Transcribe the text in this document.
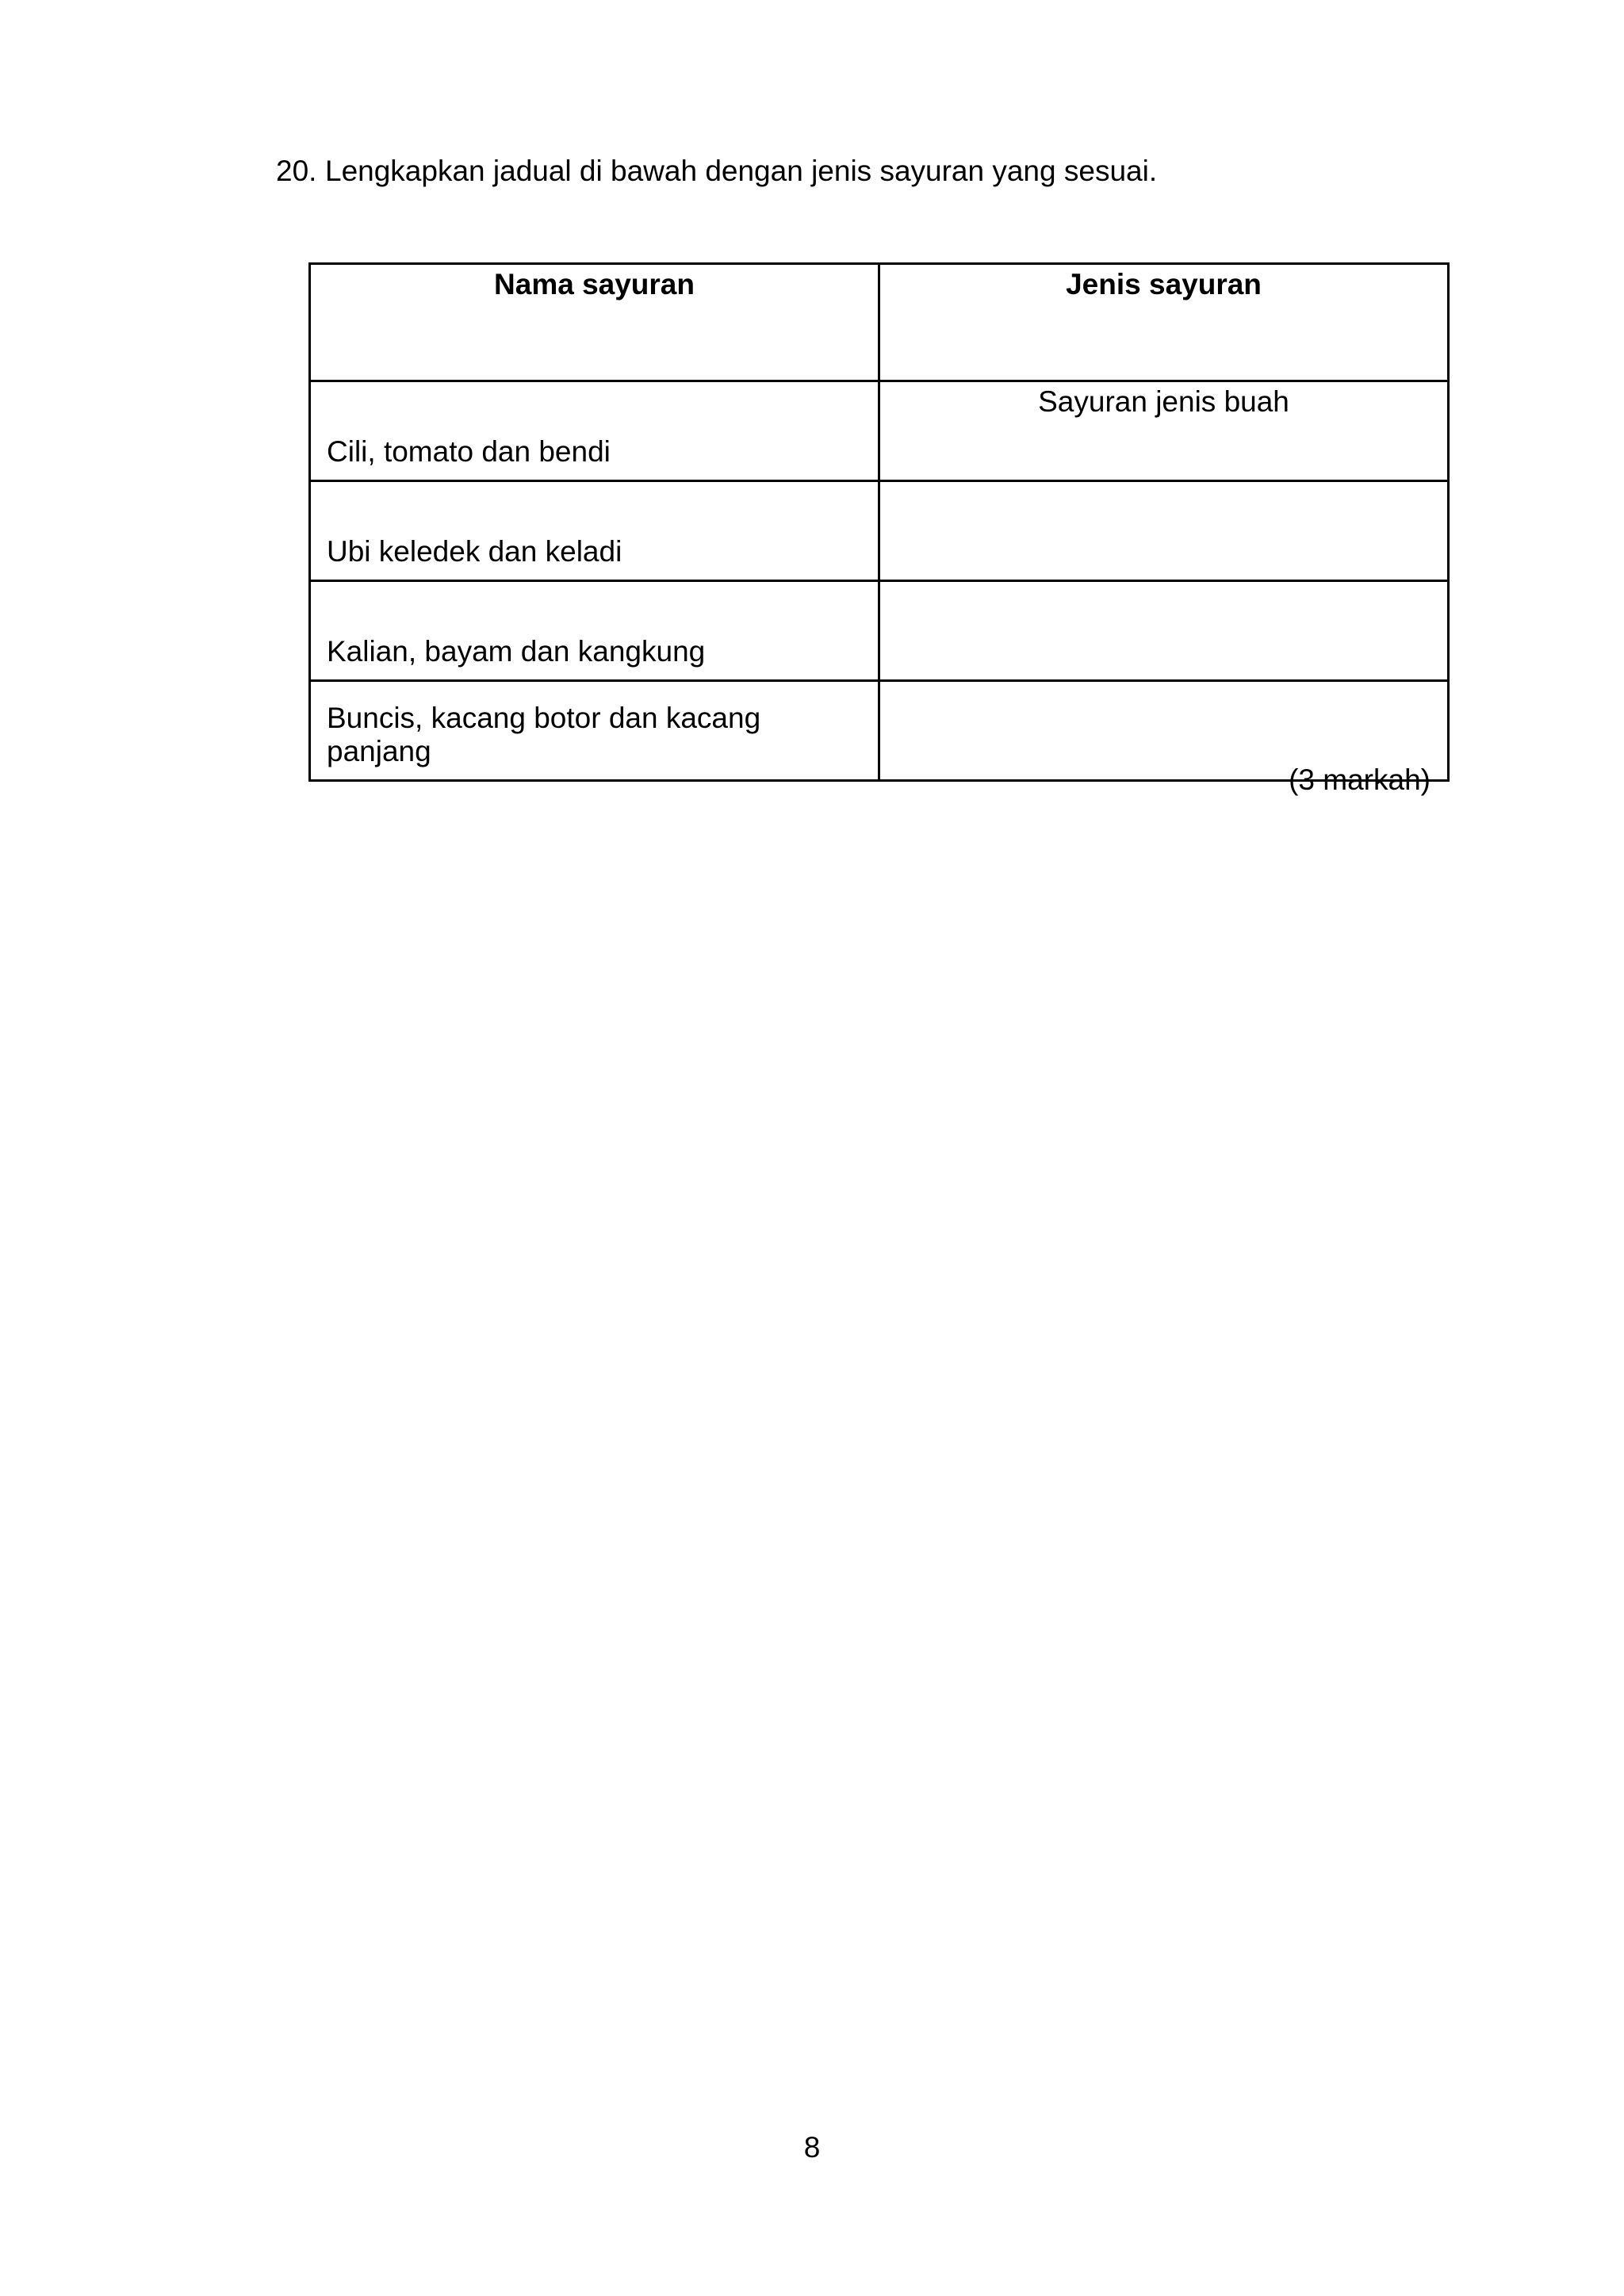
20. Lengkapkan jadual di bawah dengan jenis sayuran yang sesuai.
Nama sayuran	Jenis sayuran
Cili, tomato dan bendi	Sayuran jenis buah
Ubi keledek dan keladi	
Kalian, bayam dan kangkung	
Buncis, kacang botor dan kacang panjang	
(3 markah)
8
